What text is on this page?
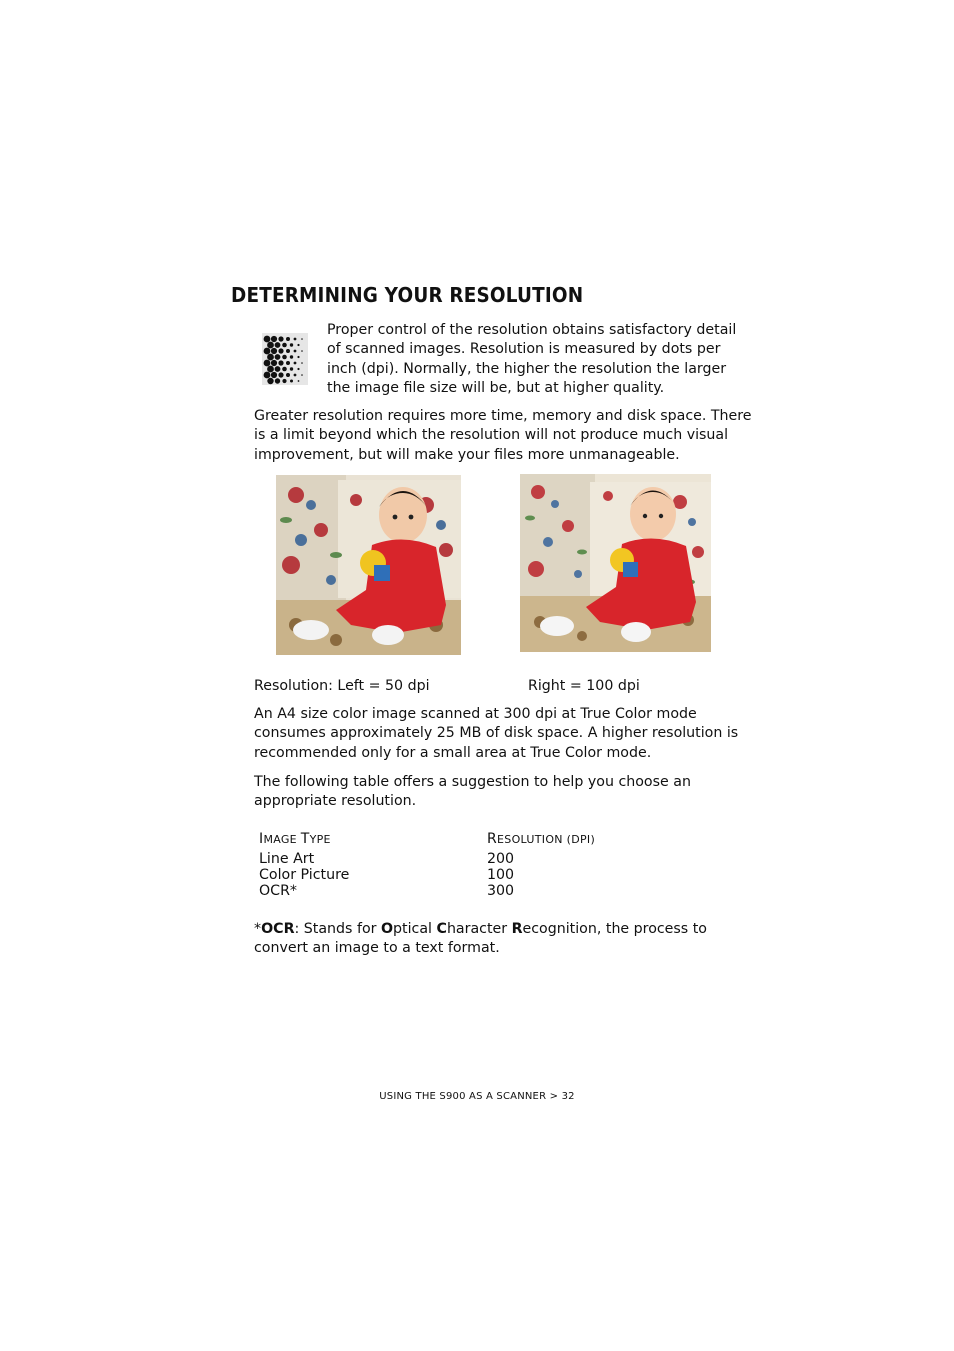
DETERMINING YOUR RESOLUTION
Proper control of the resolution obtains satisfactory detail
of scanned images. Resolution is measured by dots per
inch (dpi). Normally, the higher the resolution the larger
the image file size will be, but at higher quality.
Greater resolution requires more time, memory and disk space. There
is a limit beyond which the resolution will not produce much visual
improvement, but will make your files more unmanageable.
Resolution: Left = 50 dpi	Right = 100 dpi
An A4 size color image scanned at 300 dpi at True Color mode
consumes approximately 25 MB of disk space. A higher resolution is
recommended only for a small area at True Color mode.
The following table offers a suggestion to help you choose an
appropriate resolution.
IMAGE TYPE	RESOLUTION (DPI)
Line Art	200
Color Picture	100
OCR*	300
*OCR: Stands for Optical Character Recognition, the process to
convert an image to a text format.
USING THE S900 AS A SCANNER > 32
